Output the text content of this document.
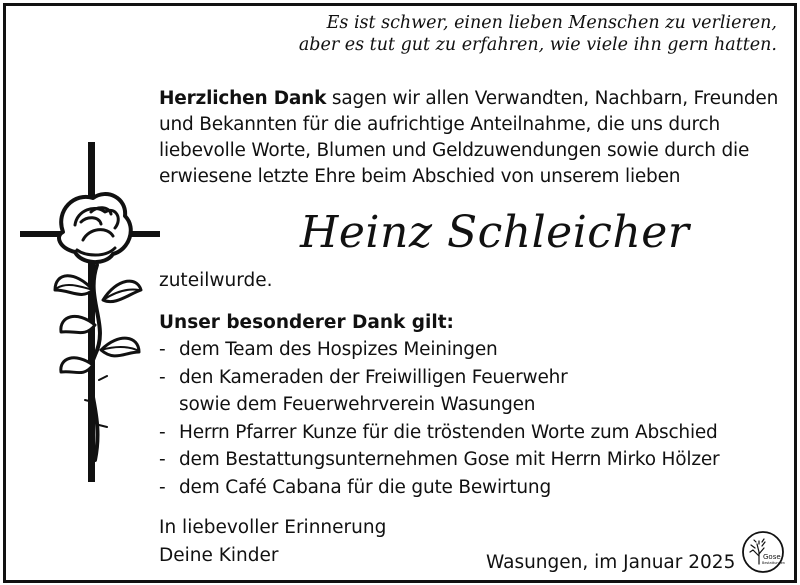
Es ist schwer, einen lieben Menschen zu verlieren,
aber es tut gut zu erfahren, wie viele ihn gern hatten.
Herzlichen Dank sagen wir allen Verwandten, Nachbarn, Freunden
und Bekannten für die aufrichtige Anteilnahme, die uns durch
liebevolle Worte, Blumen und Geldzuwendungen sowie durch die
erwiesene letzte Ehre beim Abschied von unserem lieben
Heinz Schleicher
zuteilwurde.
Unser besonderer Dank gilt:
- dem Team des Hospizes Meiningen
- den Kameraden der Freiwilligen Feuerwehr
sowie dem Feuerwehrverein Wasungen
- Herrn Pfarrer Kunze für die tröstenden Worte zum Abschied
- dem Bestattungsunternehmen Gose mit Herrn Mirko Hölzer
- dem Café Cabana für die gute Bewirtung
In liebevoller Erinnerung
Deine Kinder	Wasungen, im Januar 2025	Gose
Bestattungen
